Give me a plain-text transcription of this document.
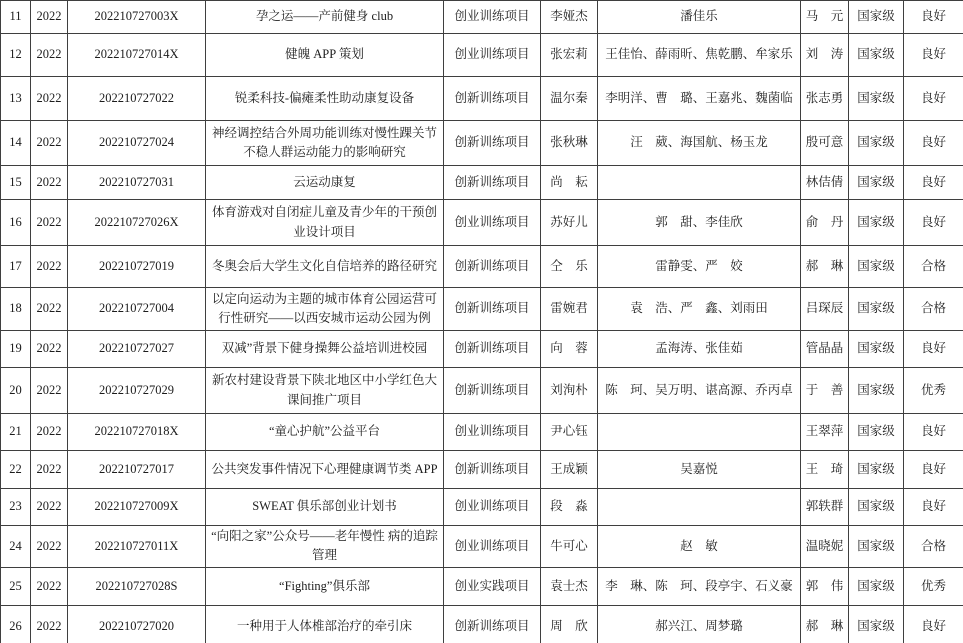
11	2022	202210727003X	孕之运——产前健身 club	创业训练项目	李娅杰	潘佳乐	马　元	国家级	良好
12	2022	202210727014X	健魄 APP 策划	创业训练项目	张宏莉	王佳怡、薛雨昕、焦乾鹏、牟家乐	刘　涛	国家级	良好
13	2022	202210727022	锐柔科技-偏瘫柔性助动康复设备	创新训练项目	温尔秦	李明洋、曹　璐、王嘉兆、魏菌临	张志勇	国家级	良好
14	2022	202210727024	神经调控结合外周功能训练对慢性踝关节不稳人群运动能力的影响研究	创新训练项目	张秋琳	汪　葳、海国航、杨玉龙	殷可意	国家级	良好
15	2022	202210727031	云运动康复	创新训练项目	尚　耘		林佶倩	国家级	良好
16	2022	202210727026X	体育游戏对自闭症儿童及青少年的干预创业设计项目	创业训练项目	苏好儿	郭　甜、李佳欣	俞　丹	国家级	良好
17	2022	202210727019	冬奥会后大学生文化自信培养的路径研究	创新训练项目	仝　乐	雷静雯、严　姣	郝　琳	国家级	合格
18	2022	202210727004	以定向运动为主题的城市体育公园运营可行性研究——以西安城市运动公园为例	创新训练项目	雷婉君	袁　浩、严　鑫、刘雨田	吕琛辰	国家级	合格
19	2022	202210727027	双减”背景下健身操舞公益培训进校园	创新训练项目	向　蓉	孟海涛、张佳茹	管晶晶	国家级	良好
20	2022	202210727029	新农村建设背景下陕北地区中小学红色大课间推广项目	创新训练项目	刘洵朴	陈　珂、吴万明、谌高源、乔丙卓	于　善	国家级	优秀
21	2022	202210727018X	“童心护航”公益平台	创业训练项目	尹心钰		王翠萍	国家级	良好
22	2022	202210727017	公共突发事件情况下心理健康调节类 APP	创新训练项目	王成颖	吴嘉悦	王　琦	国家级	良好
23	2022	202210727009X	SWEAT 俱乐部创业计划书	创业训练项目	段　淼		郭轶群	国家级	良好
24	2022	202210727011X	“向阳之家”公众号——老年慢性 病的追踪管理	创业训练项目	牛可心	赵　敏	温晓妮	国家级	合格
25	2022	202210727028S	“Fighting”俱乐部	创业实践项目	袁士杰	李　琳、陈　珂、段亭宇、石义豪	郭　伟	国家级	优秀
26	2022	202210727020	一种用于人体椎部治疗的牵引床	创新训练项目	周　欣	郝兴江、周梦璐	郝　琳	国家级	良好
